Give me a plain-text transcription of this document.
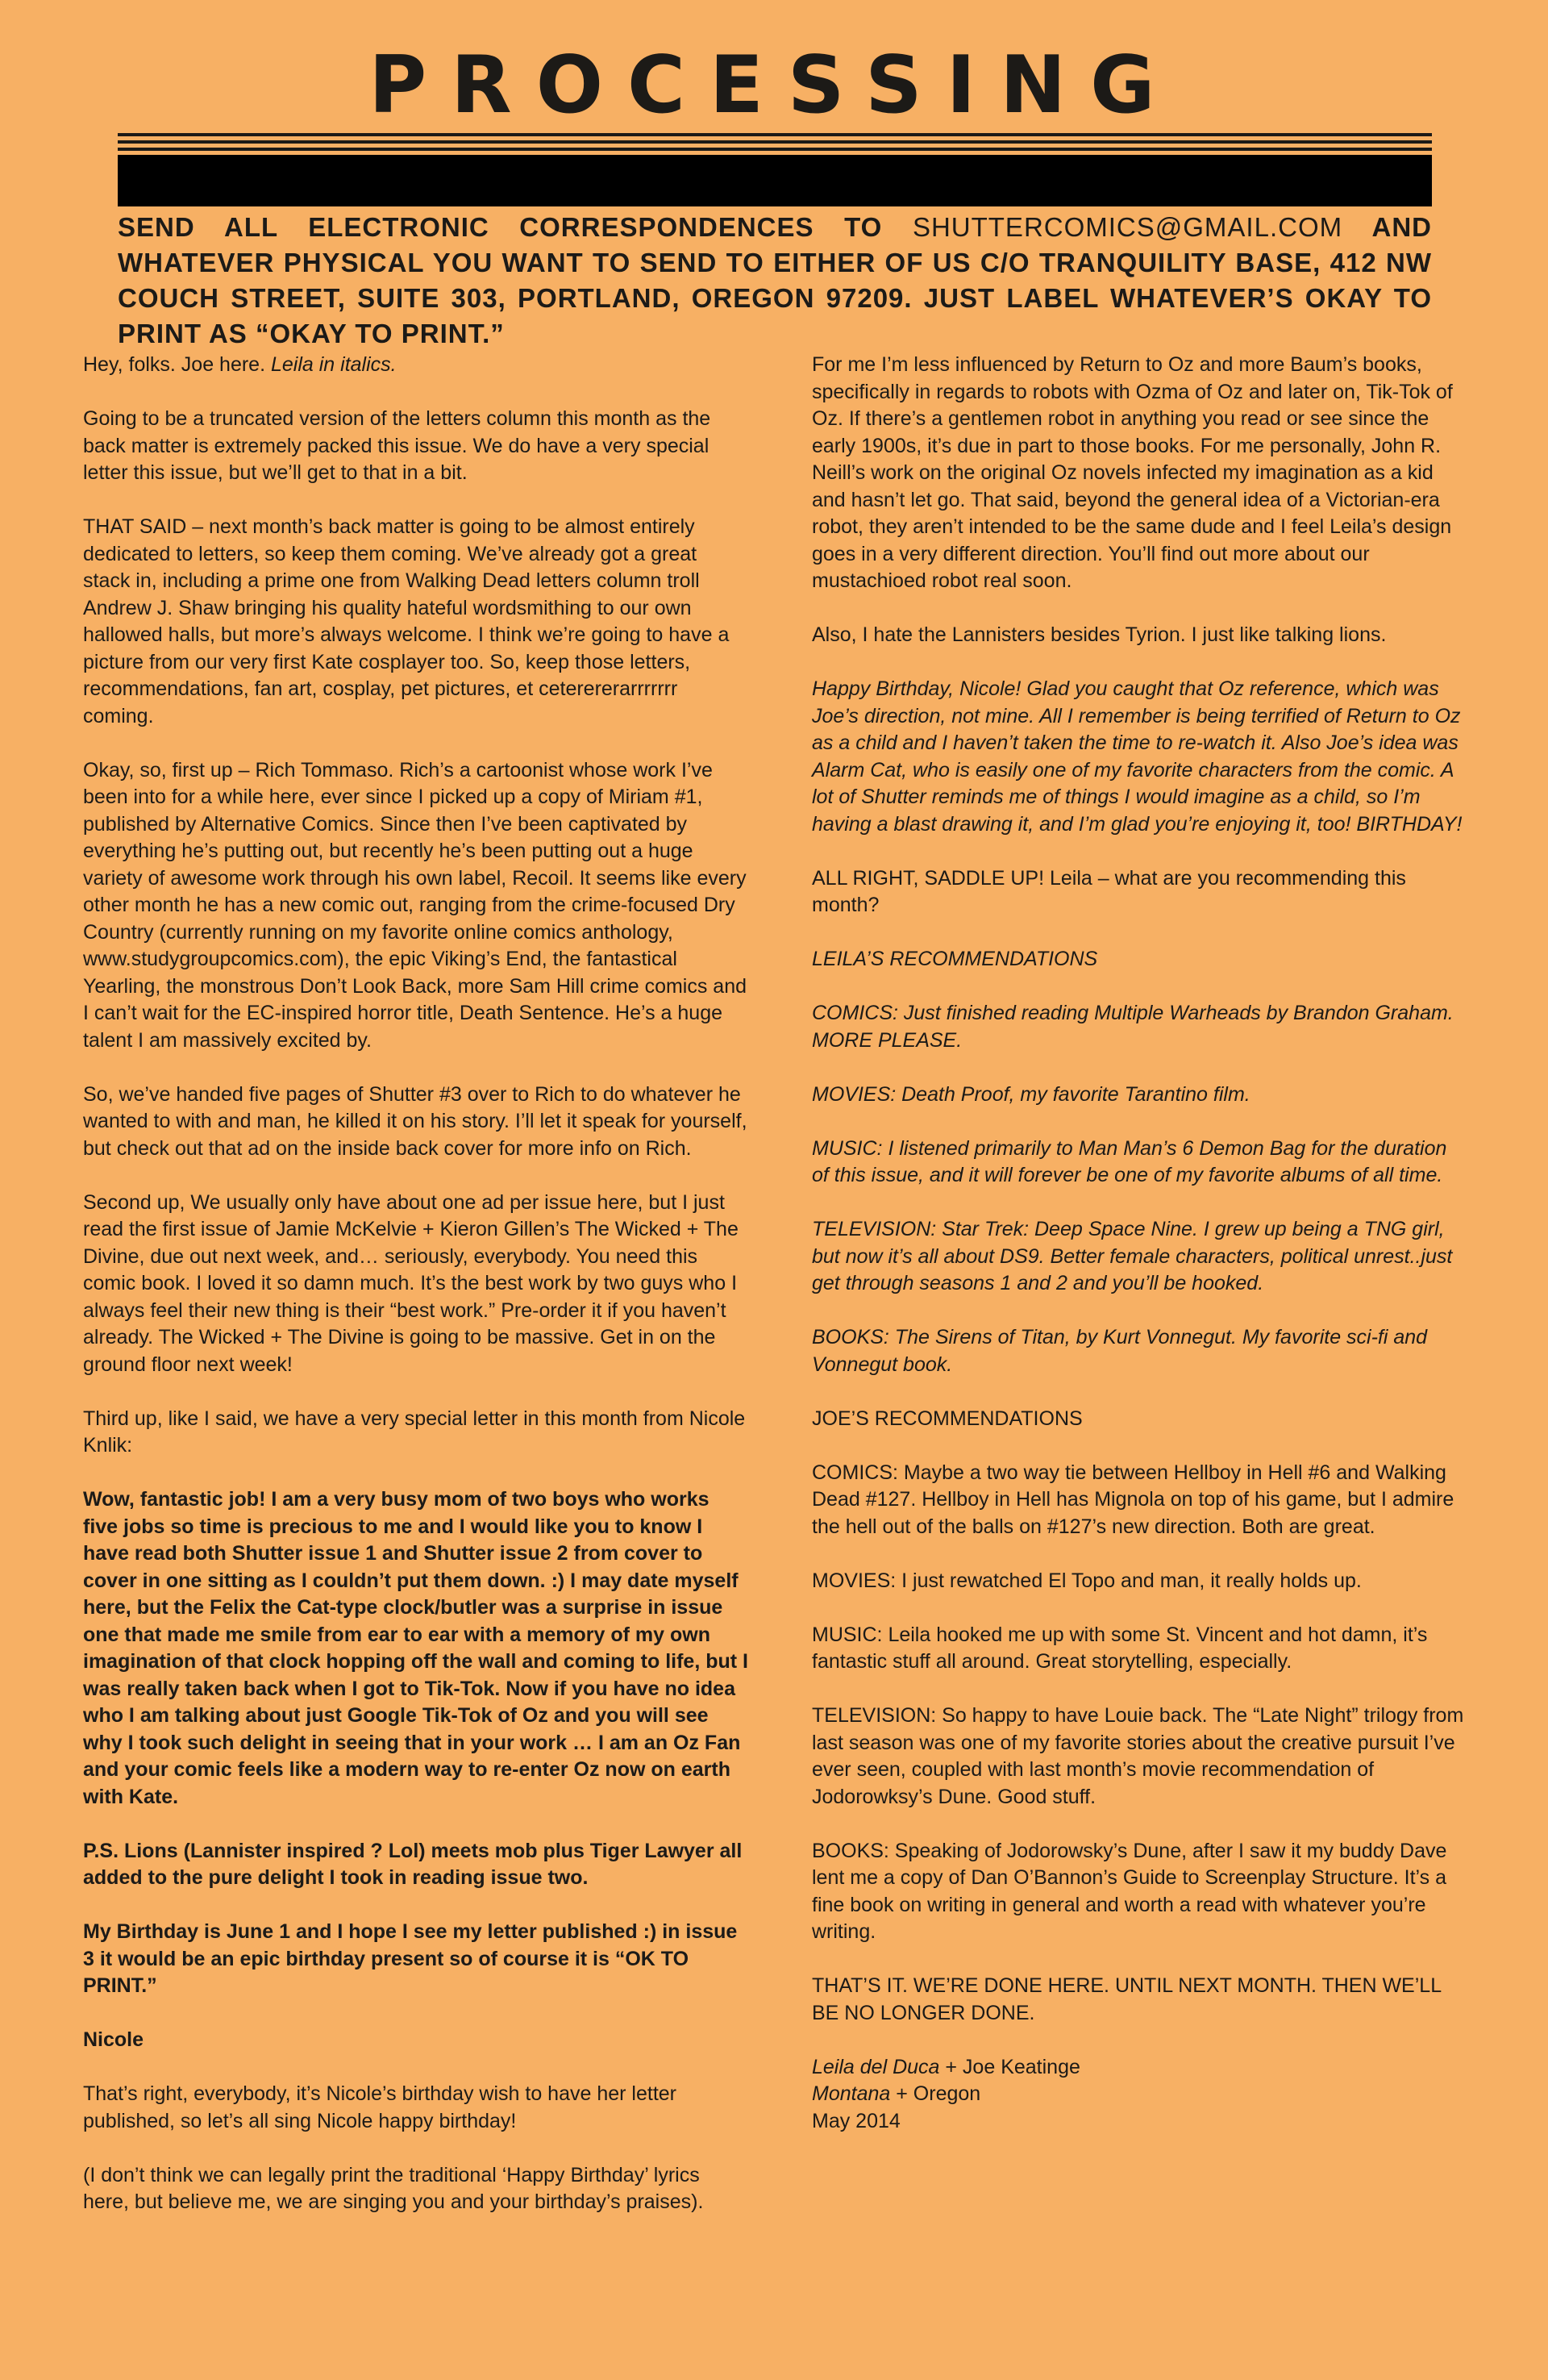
PROCESSING
SEND ALL ELECTRONIC CORRESPONDENCES TO SHUTTERCOMICS@GMAIL.COM AND WHATEVER PHYSICAL YOU WANT TO SEND TO EITHER OF US C/O TRANQUILITY BASE, 412 NW COUCH STREET, SUITE 303, PORTLAND, OREGON 97209. JUST LABEL WHATEVER’S OKAY TO PRINT AS “OKAY TO PRINT.”

Hey, folks. Joe here. Leila in italics.

Going to be a truncated version of the letters column this month as the back matter is extremely packed this issue. We do have a very special letter this issue, but we’ll get to that in a bit.

THAT SAID – next month’s back matter is going to be almost entirely dedicated to letters, so keep them coming. We’ve already got a great stack in, including a prime one from Walking Dead letters column troll Andrew J. Shaw bringing his quality hateful wordsmithing to our own hallowed halls, but more’s always welcome. I think we’re going to have a picture from our very first Kate cosplayer too. So, keep those letters, recommendations, fan art, cosplay, pet pictures, et ceterererarrrrrrr coming.

Okay, so, first up – Rich Tommaso. Rich’s a cartoonist whose work I’ve been into for a while here, ever since I picked up a copy of Miriam #1, published by Alternative Comics. Since then I’ve been captivated by everything he’s putting out, but recently he’s been putting out a huge variety of awesome work through his own label, Recoil. It seems like every other month he has a new comic out, ranging from the crime-focused Dry Country (currently running on my favorite online comics anthology, www.studygroupcomics.com), the epic Viking’s End, the fantastical Yearling, the monstrous Don’t Look Back, more Sam Hill crime comics and I can’t wait for the EC-inspired horror title, Death Sentence. He’s a huge talent I am massively excited by.

So, we’ve handed five pages of Shutter #3 over to Rich to do whatever he wanted to with and man, he killed it on his story. I’ll let it speak for yourself, but check out that ad on the inside back cover for more info on Rich.

Second up, We usually only have about one ad per issue here, but I just read the first issue of Jamie McKelvie + Kieron Gillen’s The Wicked + The Divine, due out next week, and… seriously, everybody. You need this comic book. I loved it so damn much. It’s the best work by two guys who I always feel their new thing is their “best work.” Pre-order it if you haven’t already. The Wicked + The Divine is going to be massive. Get in on the ground floor next week!

Third up, like I said, we have a very special letter in this month from Nicole Knlik:

Wow, fantastic job! I am a very busy mom of two boys who works five jobs so time is precious to me and I would like you to know I have read both Shutter issue 1 and Shutter issue 2 from cover to cover in one sitting as I couldn’t put them down. :) I may date myself here, but the Felix the Cat-type clock/butler was a surprise in issue one that made me smile from ear to ear with a memory of my own imagination of that clock hopping off the wall and coming to life, but I was really taken back when I got to Tik-Tok. Now if you have no idea who I am talking about just Google Tik-Tok of Oz and you will see why I took such delight in seeing that in your work … I am an Oz Fan and your comic feels like a modern way to re-enter Oz now on earth with Kate.

P.S. Lions (Lannister inspired ? Lol) meets mob plus Tiger Lawyer all added to the pure delight I took in reading issue two.

My Birthday is June 1 and I hope I see my letter published :) in issue 3 it would be an epic birthday present so of course it is “OK TO PRINT.”

Nicole

That’s right, everybody, it’s Nicole’s birthday wish to have her letter published, so let’s all sing Nicole happy birthday!

(I don’t think we can legally print the traditional ‘Happy Birthday’ lyrics here, but believe me, we are singing you and your birthday’s praises).

For me I’m less influenced by Return to Oz and more Baum’s books, specifically in regards to robots with Ozma of Oz and later on, Tik-Tok of Oz. If there’s a gentlemen robot in anything you read or see since the early 1900s, it’s due in part to those books. For me personally, John R. Neill’s work on the original Oz novels infected my imagination as a kid and hasn’t let go. That said, beyond the general idea of a Victorian-era robot, they aren’t intended to be the same dude and I feel Leila’s design goes in a very different direction. You’ll find out more about our mustachioed robot real soon.

Also, I hate the Lannisters besides Tyrion. I just like talking lions.

Happy Birthday, Nicole! Glad you caught that Oz reference, which was Joe’s direction, not mine. All I remember is being terrified of Return to Oz as a child and I haven’t taken the time to re-watch it. Also Joe’s idea was Alarm Cat, who is easily one of my favorite characters from the comic. A lot of Shutter reminds me of things I would imagine as a child, so I’m having a blast drawing it, and I’m glad you’re enjoying it, too! BIRTHDAY!

ALL RIGHT, SADDLE UP! Leila – what are you recommending this month?

LEILA’S RECOMMENDATIONS

COMICS: Just finished reading Multiple Warheads by Brandon Graham. MORE PLEASE.

MOVIES: Death Proof, my favorite Tarantino film.

MUSIC: I listened primarily to Man Man’s 6 Demon Bag for the duration of this issue, and it will forever be one of my favorite albums of all time.

TELEVISION: Star Trek: Deep Space Nine. I grew up being a TNG girl, but now it’s all about DS9. Better female characters, political unrest..just get through seasons 1 and 2 and you’ll be hooked.

BOOKS: The Sirens of Titan, by Kurt Vonnegut. My favorite sci-fi and Vonnegut book.

JOE’S RECOMMENDATIONS

COMICS: Maybe a two way tie between Hellboy in Hell #6 and Walking Dead #127. Hellboy in Hell has Mignola on top of his game, but I admire the hell out of the balls on #127’s new direction. Both are great.

MOVIES: I just rewatched El Topo and man, it really holds up.

MUSIC: Leila hooked me up with some St. Vincent and hot damn, it’s fantastic stuff all around. Great storytelling, especially.

TELEVISION: So happy to have Louie back. The “Late Night” trilogy from last season was one of my favorite stories about the creative pursuit I’ve ever seen, coupled with last month’s movie recommendation of Jodorowksy’s Dune. Good stuff.

BOOKS: Speaking of Jodorowsky’s Dune, after I saw it my buddy Dave lent me a copy of Dan O’Bannon’s Guide to Screenplay Structure. It’s a fine book on writing in general and worth a read with whatever you’re writing.

THAT’S IT. WE’RE DONE HERE. UNTIL NEXT MONTH. THEN WE’LL BE NO LONGER DONE.

Leila del Duca + Joe Keatinge
Montana + Oregon
May 2014
